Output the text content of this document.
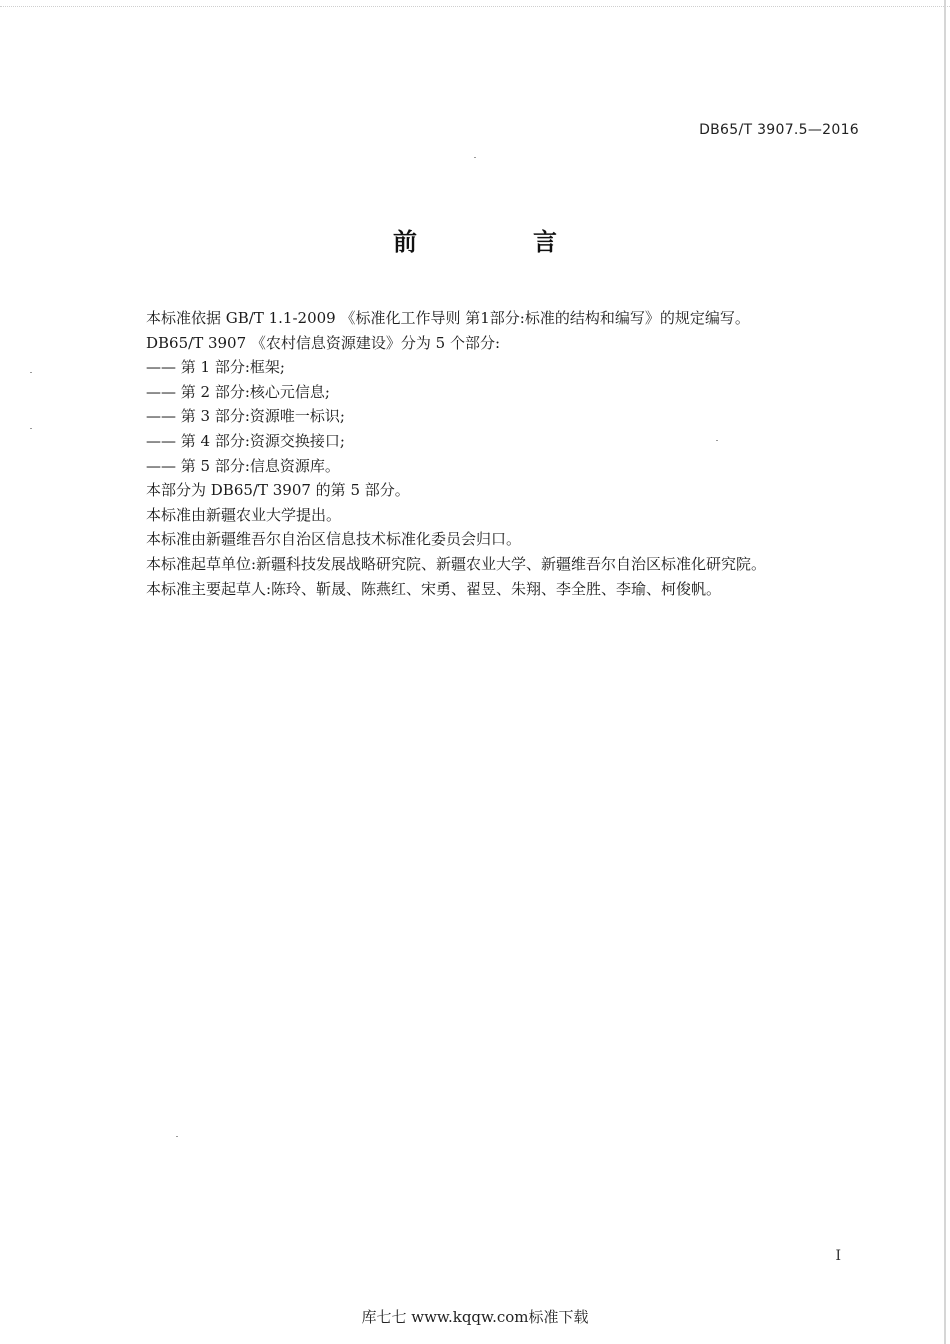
DB65/T 3907.5—2016
前　言

本标准依据 GB/T 1.1-2009 《标准化工作导则 第1部分:标准的结构和编写》的规定编写。

DB65/T 3907 《农村信息资源建设》分为 5 个部分:

—— 第 1 部分:框架;

—— 第 2 部分:核心元信息;

—— 第 3 部分:资源唯一标识;

—— 第 4 部分:资源交换接口;

—— 第 5 部分:信息资源库。

本部分为 DB65/T 3907 的第 5 部分。

本标准由新疆农业大学提出。

本标准由新疆维吾尔自治区信息技术标准化委员会归口。

本标准起草单位:新疆科技发展战略研究院、新疆农业大学、新疆维吾尔自治区标准化研究院。

本标准主要起草人:陈玲、靳晟、陈燕红、宋勇、翟昱、朱翔、李全胜、李瑜、柯俊帆。

I
库七七 www.kqqw.com标准下载
